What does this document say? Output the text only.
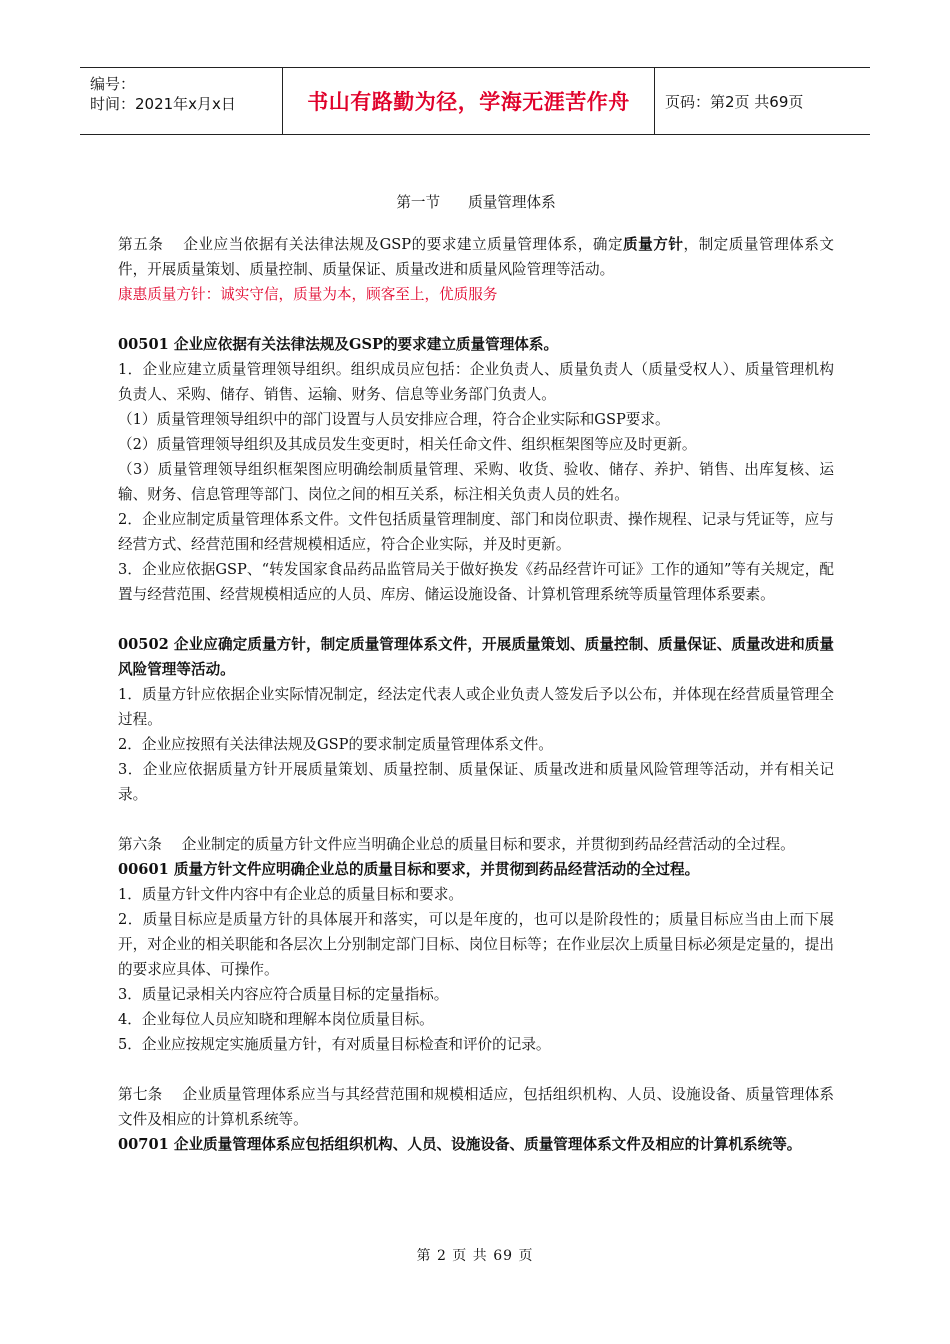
编号：
时间：2021年x月x日	书山有路勤为径，学海无涯苦作舟	页码：第2页 共69页
第一节 质量管理体系

第五条 企业应当依据有关法律法规及GSP的要求建立质量管理体系，确定质量方针，制定质量管理体系文件，开展质量策划、质量控制、质量保证、质量改进和质量风险管理等活动。

康惠质量方针：诚实守信，质量为本，顾客至上，优质服务

00501 企业应依据有关法律法规及GSP的要求建立质量管理体系。

1．企业应建立质量管理领导组织。组织成员应包括：企业负责人、质量负责人（质量受权人）、质量管理机构负责人、采购、储存、销售、运输、财务、信息等业务部门负责人。

（1）质量管理领导组织中的部门设置与人员安排应合理，符合企业实际和GSP要求。

（2）质量管理领导组织及其成员发生变更时，相关任命文件、组织框架图等应及时更新。

（3）质量管理领导组织框架图应明确绘制质量管理、采购、收货、验收、储存、养护、销售、出库复核、运输、财务、信息管理等部门、岗位之间的相互关系，标注相关负责人员的姓名。

2．企业应制定质量管理体系文件。文件包括质量管理制度、部门和岗位职责、操作规程、记录与凭证等，应与经营方式、经营范围和经营规模相适应，符合企业实际，并及时更新。

3．企业应依据GSP、“转发国家食品药品监管局关于做好换发《药品经营许可证》工作的通知”等有关规定，配置与经营范围、经营规模相适应的人员、库房、储运设施设备、计算机管理系统等质量管理体系要素。

00502 企业应确定质量方针，制定质量管理体系文件，开展质量策划、质量控制、质量保证、质量改进和质量风险管理等活动。

1．质量方针应依据企业实际情况制定，经法定代表人或企业负责人签发后予以公布，并体现在经营质量管理全过程。

2．企业应按照有关法律法规及GSP的要求制定质量管理体系文件。

3．企业应依据质量方针开展质量策划、质量控制、质量保证、质量改进和质量风险管理等活动，并有相关记录。

第六条 企业制定的质量方针文件应当明确企业总的质量目标和要求，并贯彻到药品经营活动的全过程。

00601 质量方针文件应明确企业总的质量目标和要求，并贯彻到药品经营活动的全过程。

1．质量方针文件内容中有企业总的质量目标和要求。

2．质量目标应是质量方针的具体展开和落实，可以是年度的，也可以是阶段性的；质量目标应当由上而下展开，对企业的相关职能和各层次上分别制定部门目标、岗位目标等；在作业层次上质量目标必须是定量的，提出的要求应具体、可操作。

3．质量记录相关内容应符合质量目标的定量指标。

4．企业每位人员应知晓和理解本岗位质量目标。

5．企业应按规定实施质量方针，有对质量目标检查和评价的记录。

第七条 企业质量管理体系应当与其经营范围和规模相适应，包括组织机构、人员、设施设备、质量管理体系文件及相应的计算机系统等。

00701 企业质量管理体系应包括组织机构、人员、设施设备、质量管理体系文件及相应的计算机系统等。

第 2 页 共 69 页
